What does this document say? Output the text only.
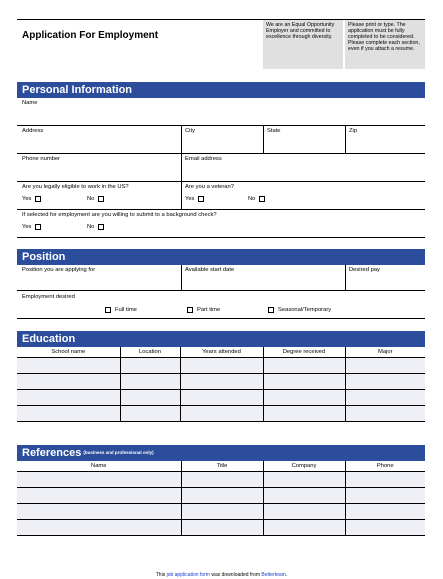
Application For Employment
We are an Equal Opportunity Employer and committed to excellence through diversity.
Please print or type. The application must be fully completed to be considered. Please complete each section, even if you attach a resume.
Personal Information
Name
Address	City	State	Zip
Phone number	Email address
Are you legally eligible to work in the US?
Yes	No
Are you a veteran?
Yes	No
If selected for employment are you willing to submit to a background check?
Yes	No
Position
Position you are applying for	Available start date	Desired pay
Employment desired
Full time	Part time	Seasonal/Temporary
Education
School name	Location	Years attended	Degree received	Major

References (business and professional only)
Name	Title	Company	Phone

This job application form was downloaded from Betterteam.
